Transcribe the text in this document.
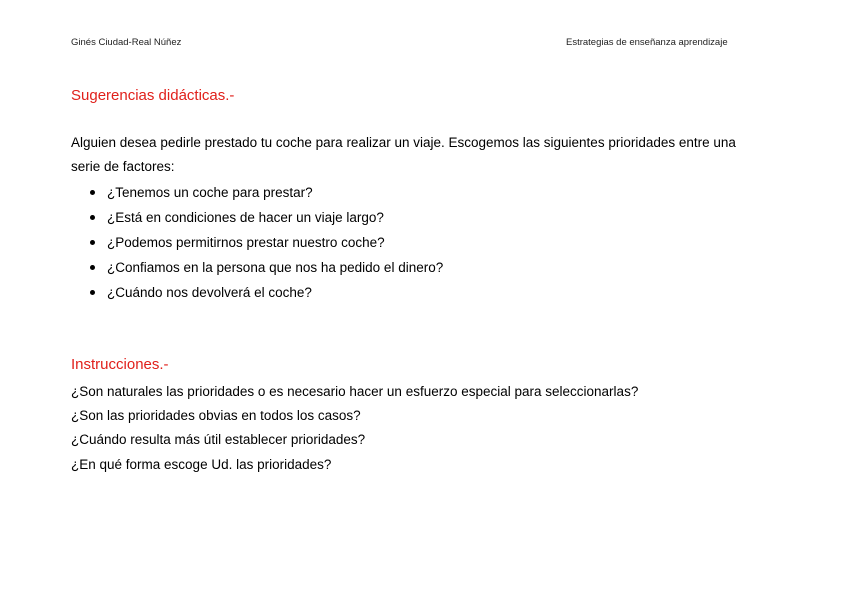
Ginés Ciudad-Real Núñez	Estrategias de enseñanza aprendizaje
Sugerencias didácticas.-

Alguien desea pedirle prestado tu coche para realizar un viaje. Escogemos las siguientes prioridades entre una

serie de factores:

¿Tenemos un coche para prestar?
¿Está en condiciones de hacer un viaje largo?
¿Podemos permitirnos prestar nuestro coche?
¿Confiamos en la persona que nos ha pedido el dinero?
¿Cuándo nos devolverá el coche?
Instrucciones.-

¿Son naturales las prioridades o es necesario hacer un esfuerzo especial para seleccionarlas?

¿Son las prioridades obvias en todos los casos?

¿Cuándo resulta más útil establecer prioridades?

¿En qué forma escoge Ud. las prioridades?
